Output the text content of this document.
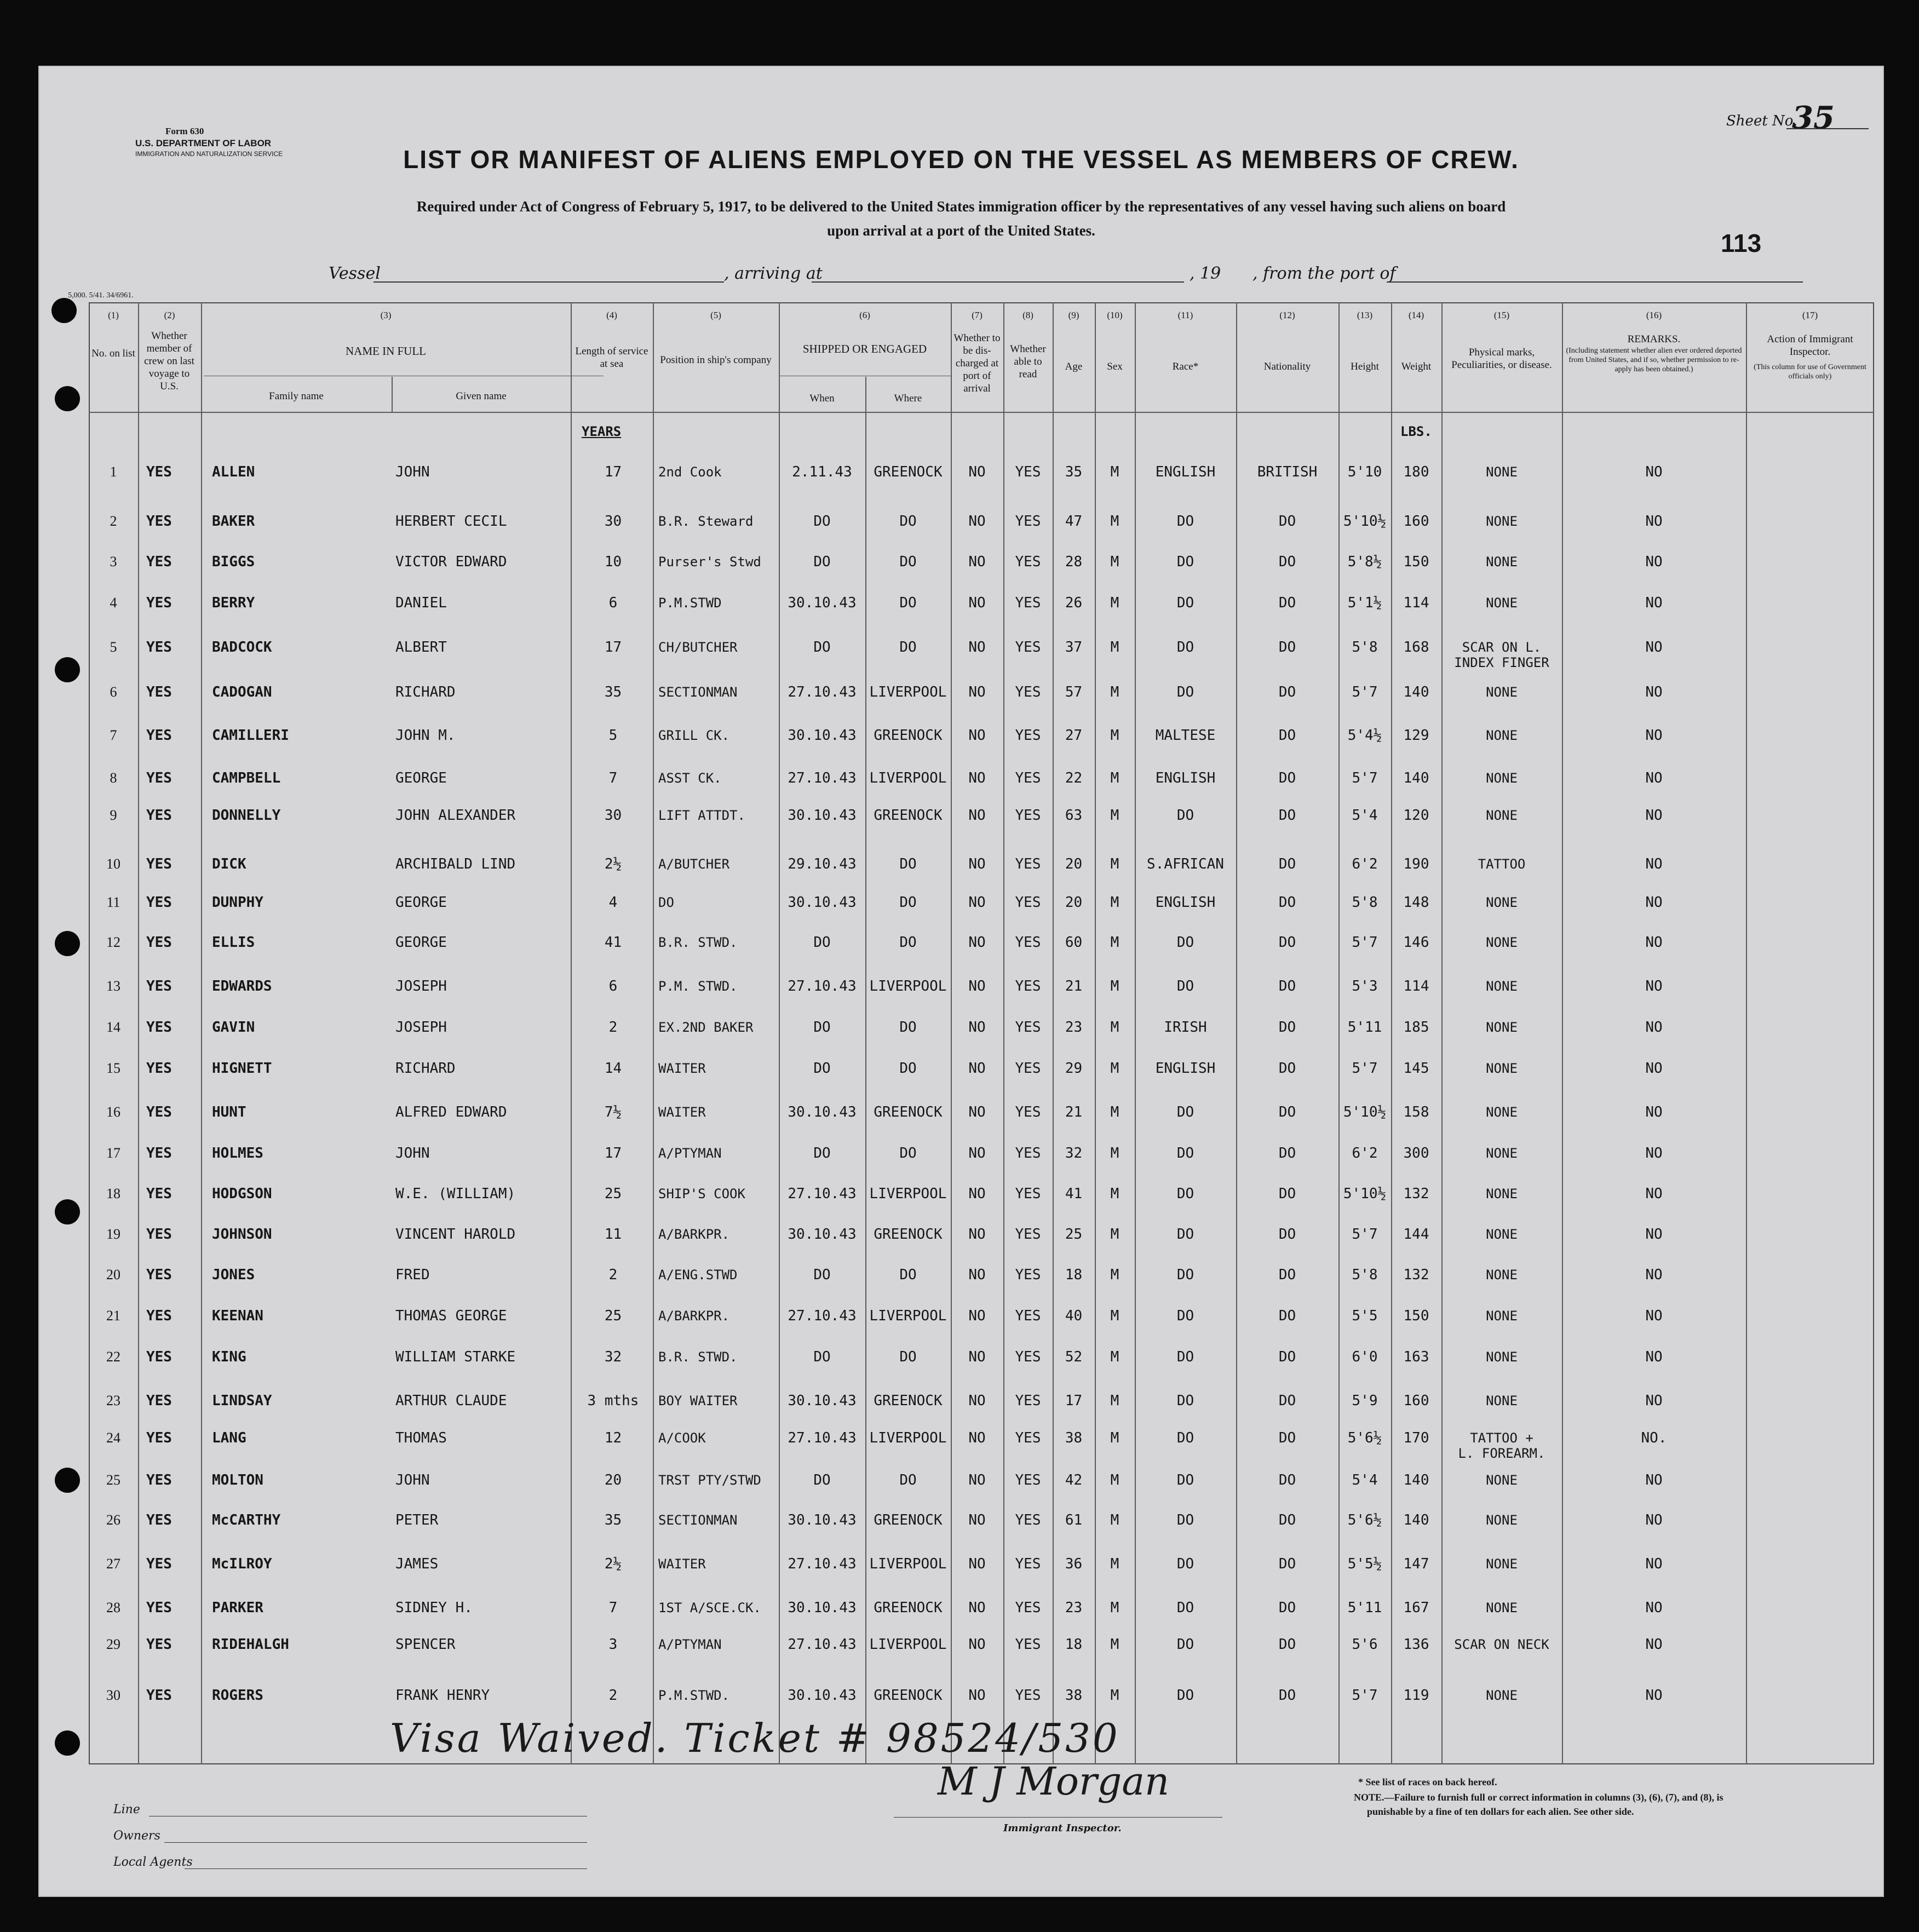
Form 630
U.S. DEPARTMENT OF LABOR
IMMIGRATION AND NATURALIZATION SERVICE
Sheet No.
35
LIST OR MANIFEST OF ALIENS EMPLOYED ON THE VESSEL AS MEMBERS OF CREW.
Required under Act of Congress of February 5, 1917, to be delivered to the United States immigration officer by the representatives of any vessel having such aliens on board
upon arrival at a port of the United States.	113
5,000. 5/41. 34/6961.
Vessel	, arriving at	, 19 , from the port of
(1)	(2)	(3)	(4)	(5)	(6)	(7)	(8)	(9)	(10)	(11)	(12)	(13)	(14)	(15)	(16)	(17)
No. on list
Whether member of crew on last voyage to U.S.
NAME IN FULL
Family name	Given name
Length of service at sea	Position in ship's company
SHIPPED OR ENGAGED
When	Where
Whether to be dis-charged at port of arrival
Whether able to read
Age	Sex	Race*	Nationality	Height	Weight
Physical marks, Peculiarities, or disease.
REMARKS.
(Including statement whether alien ever ordered deported from United States, and if so, whether permission to re-apply has been obtained.)
Action of Immigrant Inspector.
(This column for use of Government officials only)
YEARS	LBS.
1	YES	ALLEN	JOHN	17	2nd Cook	2.11.43	GREENOCK	NO	YES	35	M	ENGLISH	BRITISH	5'10	180	NONE	NO
2	YES	BAKER	HERBERT CECIL	30	B.R. Steward	DO	DO	NO	YES	47	M	DO	DO	5'10½	160	NONE	NO
3	YES	BIGGS	VICTOR EDWARD	10	Purser's Stwd	DO	DO	NO	YES	28	M	DO	DO	5'8½	150	NONE	NO
4	YES	BERRY	DANIEL	6	P.M.STWD	30.10.43	DO	NO	YES	26	M	DO	DO	5'1½	114	NONE	NO
5	YES	BADCOCK	ALBERT	17	CH/BUTCHER	DO	DO	NO	YES	37	M	DO	DO	5'8	168	SCAR ON L.	NO
INDEX FINGER
6	YES	CADOGAN	RICHARD	35	SECTIONMAN	27.10.43 LIVERPOOL	NO	YES	57	M	DO	DO	5'7	140	NONE	NO
7	YES	CAMILLERI	JOHN M.	5	GRILL CK.	30.10.43	GREENOCK	NO	YES	27	M	MALTESE	DO	5'4½	129	NONE	NO
8	YES	CAMPBELL	GEORGE	7	ASST CK.	27.10.43 LIVERPOOL	NO	YES	22	M	ENGLISH	DO	5'7	140	NONE	NO
9	YES	DONNELLY	JOHN ALEXANDER	30	LIFT ATTDT.	30.10.43	GREENOCK	NO	YES	63	M	DO	DO	5'4	120	NONE	NO
10	YES	DICK	ARCHIBALD LIND	2½	A/BUTCHER	29.10.43	DO	NO	YES	20	M	S.AFRICAN	DO	6'2	190	TATTOO	NO
11	YES	DUNPHY	GEORGE	4	DO	30.10.43	DO	NO	YES	20	M	ENGLISH	DO	5'8	148	NONE	NO
12	YES	ELLIS	GEORGE	41	B.R. STWD.	DO	DO	NO	YES	60	M	DO	DO	5'7	146	NONE	NO
13	YES	EDWARDS	JOSEPH	6	P.M. STWD.	27.10.43 LIVERPOOL	NO	YES	21	M	DO	DO	5'3	114	NONE	NO
14	YES	GAVIN	JOSEPH	2	EX.2ND BAKER	DO	DO	NO	YES	23	M	IRISH	DO	5'11	185	NONE	NO
15	YES	HIGNETT	RICHARD	14	WAITER	DO	DO	NO	YES	29	M	ENGLISH	DO	5'7	145	NONE	NO
16	YES	HUNT	ALFRED EDWARD	7½	WAITER	30.10.43	GREENOCK	NO	YES	21	M	DO	DO	5'10½	158	NONE	NO
17	YES	HOLMES	JOHN	17	A/PTYMAN	DO	DO	NO	YES	32	M	DO	DO	6'2	300	NONE	NO
18	YES	HODGSON	W.E. (WILLIAM)	25	SHIP'S COOK	27.10.43 LIVERPOOL	NO	YES	41	M	DO	DO	5'10½	132	NONE	NO
19	YES	JOHNSON	VINCENT HAROLD	11	A/BARKPR.	30.10.43	GREENOCK	NO	YES	25	M	DO	DO	5'7	144	NONE	NO
20	YES	JONES	FRED	2	A/ENG.STWD	DO	DO	NO	YES	18	M	DO	DO	5'8	132	NONE	NO
21	YES	KEENAN	THOMAS GEORGE	25	A/BARKPR.	27.10.43 LIVERPOOL	NO	YES	40	M	DO	DO	5'5	150	NONE	NO
22	YES	KING	WILLIAM STARKE	32	B.R. STWD.	DO	DO	NO	YES	52	M	DO	DO	6'0	163	NONE	NO
23	YES	LINDSAY	ARTHUR CLAUDE	3 mths	BOY WAITER	30.10.43	GREENOCK	NO	YES	17	M	DO	DO	5'9	160	NONE	NO
24	YES	LANG	THOMAS	12	A/COOK	27.10.43 LIVERPOOL	NO	YES	38	M	DO	DO	5'6½	170	TATTOO +	NO.
L. FOREARM.
25	YES	MOLTON	JOHN	20	TRST PTY/STWD	DO	DO	NO	YES	42	M	DO	DO	5'4	140	NONE	NO
26	YES	McCARTHY	PETER	35	SECTIONMAN	30.10.43	GREENOCK	NO	YES	61	M	DO	DO	5'6½	140	NONE	NO
27	YES	McILROY	JAMES	2½	WAITER	27.10.43 LIVERPOOL	NO	YES	36	M	DO	DO	5'5½	147	NONE	NO
28	YES	PARKER	SIDNEY H.	7	1ST A/SCE.CK.	30.10.43	GREENOCK	NO	YES	23	M	DO	DO	5'11	167	NONE	NO
29	YES	RIDEHALGH	SPENCER	3	A/PTYMAN	27.10.43 LIVERPOOL	NO	YES	18	M	DO	DO	5'6	136	SCAR ON NECK	NO
30	YES	ROGERS	FRANK HENRY	2	P.M.STWD.	30.10.43	GREENOCK	NO	YES	38	M	DO	DO	5'7	119	NONE	NO
Visa Waived. Ticket # 98524/530
M J Morgan
Line
Owners
Local Agents
Immigrant Inspector.
* See list of races on back hereof.
NOTE.—Failure to furnish full or correct information in columns (3), (6), (7), and (8), is
punishable by a fine of ten dollars for each alien. See other side.
